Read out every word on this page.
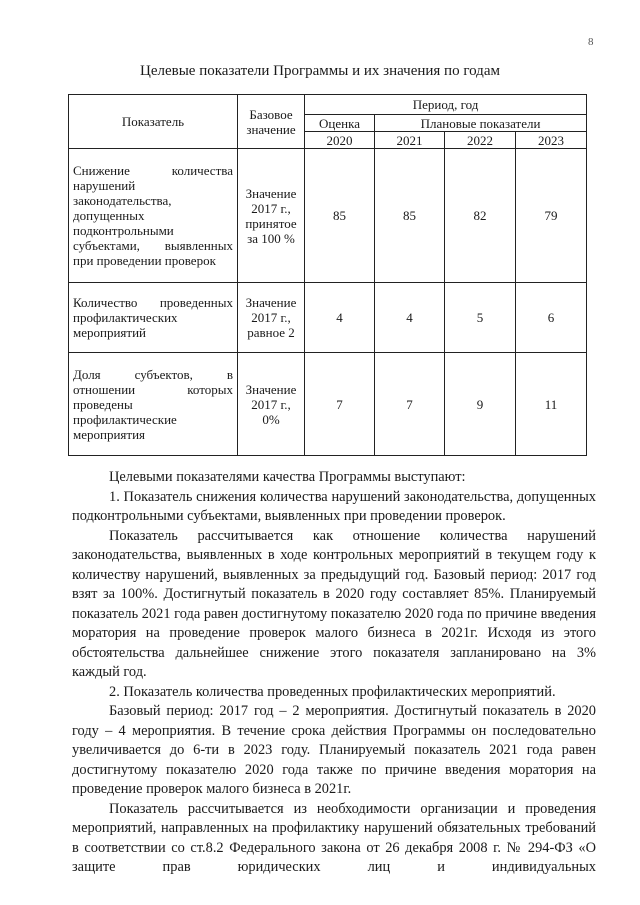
8
Целевые показатели Программы и их значения по годам
Показатель	Базовое значение	Период, год			
		Оценка	Плановые показатели		
		2020	2021	2022	2023
Снижение количества нарушений законодательства, допущенных подконтрольными субъектами, выявленных при проведении проверок	Значение 2017 г., принятое за 100 %	85	85	82	79
Количество проведенных профилактических мероприятий	Значение 2017 г., равное 2	4	4	5	6
Доля субъектов, в отношении которых проведены профилактические мероприятия	Значение 2017 г., 0%	7	7	9	11

Целевыми показателями качества Программы выступают:

1. Показатель снижения количества нарушений законодательства, допущенных подконтрольными субъектами, выявленных при проведении проверок.

Показатель рассчитывается как отношение количества нарушений законодательства, выявленных в ходе контрольных мероприятий в текущем году к количеству нарушений, выявленных за предыдущий год. Базовый период: 2017 год взят за 100%. Достигнутый показатель в 2020 году составляет 85%. Планируемый показатель 2021 года равен достигнутому показателю 2020 года по причине введения моратория на проведение проверок малого бизнеса в 2021г. Исходя из этого обстоятельства дальнейшее снижение этого показателя запланировано на 3% каждый год.

2. Показатель количества проведенных профилактических мероприятий.

Базовый период: 2017 год – 2 мероприятия. Достигнутый показатель в 2020 году – 4 мероприятия. В течение срока действия Программы он последовательно увеличивается до 6-ти в 2023 году. Планируемый показатель 2021 года равен достигнутому показателю 2020 года также по причине введения моратория на проведение проверок малого бизнеса в 2021г.

Показатель рассчитывается из необходимости организации и проведения мероприятий, направленных на профилактику нарушений обязательных требований в соответствии со ст.8.2 Федерального закона от 26 декабря 2008 г. № 294-ФЗ «О защите прав юридических лиц и индивидуальных
